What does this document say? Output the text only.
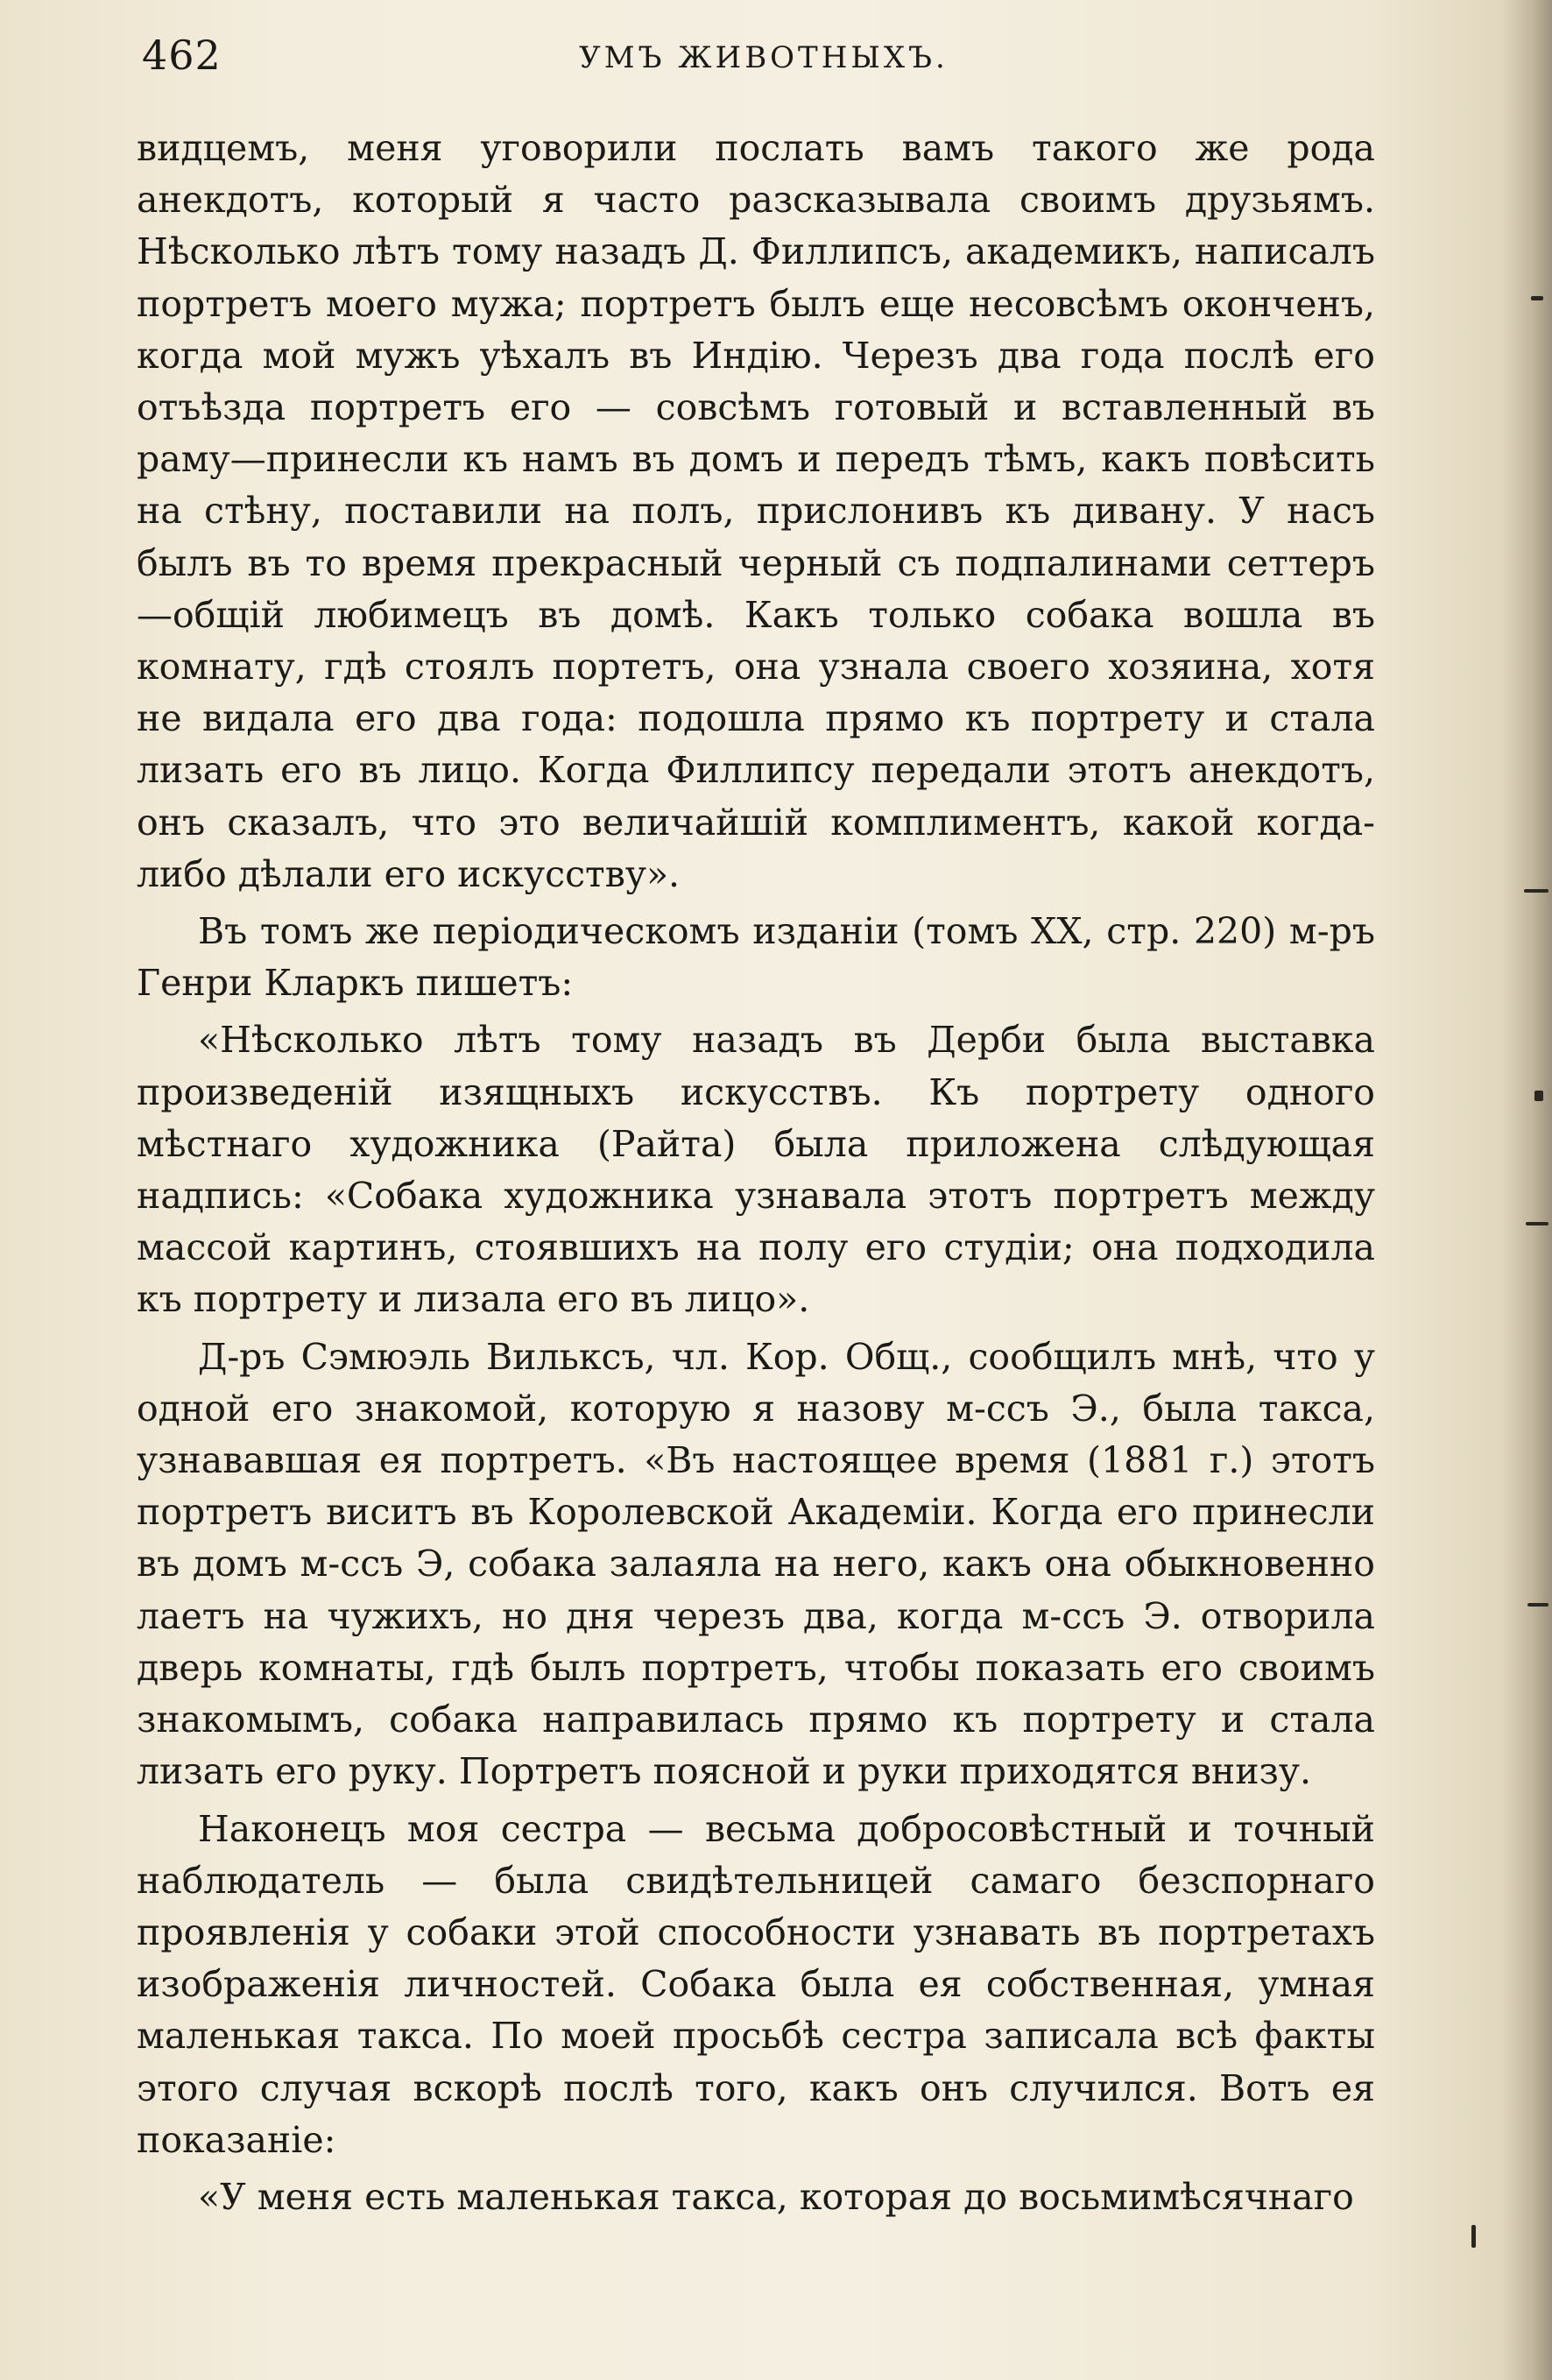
462	УМЪ ЖИВОТНЫХЪ.

видцемъ, меня уговорили послать вамъ такого же рода анекдотъ, который я часто разсказывала своимъ друзьямъ. Нѣсколько лѣтъ тому назадъ Д. Филлипсъ, академикъ, написалъ портретъ моего мужа; портретъ былъ еще несовсѣмъ оконченъ, когда мой мужъ уѣхалъ въ Индію. Черезъ два года послѣ его отъѣзда портретъ его — совсѣмъ готовый и вставленный въ раму—принесли къ намъ въ домъ и передъ тѣмъ, какъ повѣсить на стѣну, поставили на полъ, прислонивъ къ дивану. У насъ былъ въ то время прекрасный черный съ подпалинами сеттеръ—общій любимецъ въ домѣ. Какъ только собака вошла въ комнату, гдѣ стоялъ портетъ, она узнала своего хозяина, хотя не видала его два года: подошла прямо къ портрету и стала лизать его въ лицо. Когда Филлипсу передали этотъ анекдотъ, онъ сказалъ, что это величайшій комплиментъ, какой когда-либо дѣлали его искусству».

Въ томъ же періодическомъ изданіи (томъ XX, стр. 220) м-ръ Генри Кларкъ пишетъ:

«Нѣсколько лѣтъ тому назадъ въ Дерби была выставка произведеній изящныхъ искусствъ. Къ портрету одного мѣстнаго художника (Райта) была приложена слѣдующая надпись: «Собака художника узнавала этотъ портретъ между массой картинъ, стоявшихъ на полу его студіи; она подходила къ портрету и лизала его въ лицо».

Д-ръ Сэмюэль Вилькcъ, чл. Кор. Общ., сообщилъ мнѣ, что у одной его знакомой, которую я назову м-ссъ Э., была такса, узнававшая ея портретъ. «Въ настоящее время (1881 г.) этотъ портретъ виситъ въ Королевской Академіи. Когда его принесли въ домъ м-ссъ Э, собака залаяла на него, какъ она обыкновенно лаетъ на чужихъ, но дня черезъ два, когда м-ссъ Э. отворила дверь комнаты, гдѣ былъ портретъ, чтобы показать его своимъ знакомымъ, собака направилась прямо къ портрету и стала лизать его руку. Портретъ поясной и руки приходятся внизу.

Наконецъ моя сестра — весьма добросовѣстный и точный наблюдатель — была свидѣтельницей самаго безспорнаго проявленія у собаки этой способности узнавать въ портретахъ изображенія личностей. Собака была ея собственная, умная маленькая такса. По моей просьбѣ сестра записала всѣ факты этого случая вскорѣ послѣ того, какъ онъ случился. Вотъ ея показаніе:

«У меня есть маленькая такса, которая до восьмимѣсячнаго
